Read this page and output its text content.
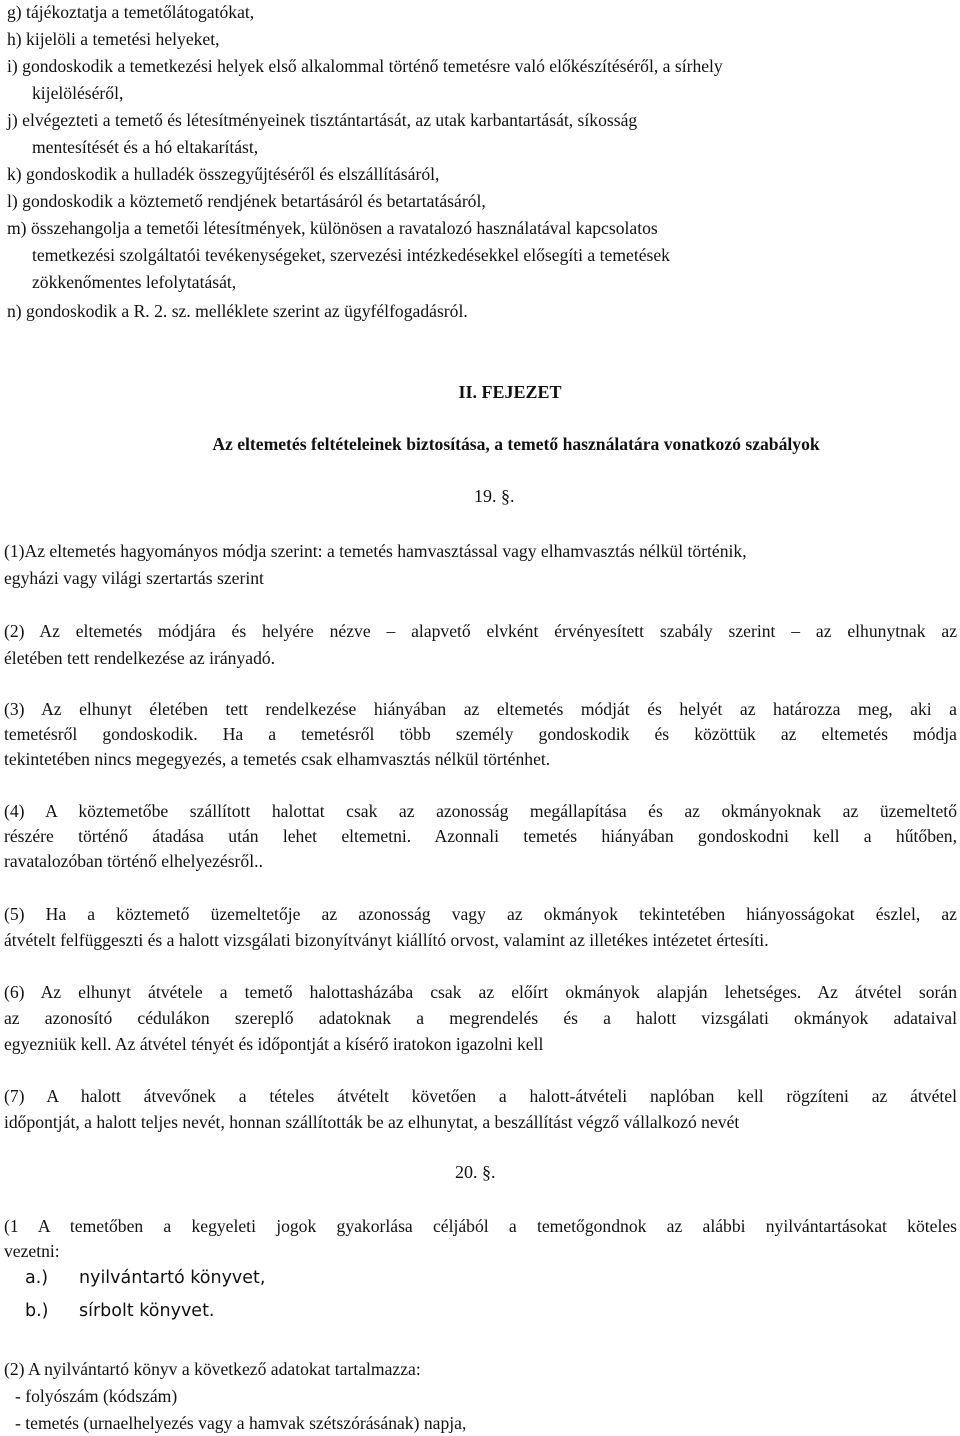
g) tájékoztatja a temetőlátogatókat,
h) kijelöli a temetési helyeket,
i) gondoskodik a temetkezési helyek első alkalommal történő temetésre való előkészítéséről, a sírhely
kijelöléséről,
j) elvégezteti a temető és létesítményeinek tisztántartását, az utak karbantartását, síkosság
mentesítését és a hó eltakarítást,
k) gondoskodik a hulladék összegyűjtéséről és elszállításáról,
l) gondoskodik a köztemető rendjének betartásáról és betartatásáról,
m) összehangolja a temetői létesítmények, különösen a ravatalozó használatával kapcsolatos
temetkezési szolgáltatói tevékenységeket, szervezési intézkedésekkel elősegíti a temetések
zökkenőmentes lefolytatását,
n) gondoskodik a R. 2. sz. melléklete szerint az ügyfélfogadásról.
II. FEJEZET
Az eltemetés feltételeinek biztosítása, a temető használatára vonatkozó szabályok
19. §.
(1)Az eltemetés hagyományos módja szerint: a temetés hamvasztással vagy elhamvasztás nélkül történik,
egyházi vagy világi szertartás szerint
(2) Az eltemetés módjára és helyére nézve – alapvető elvként érvényesített szabály szerint – az elhunytnak az
életében tett rendelkezése az irányadó.
(3) Az elhunyt életében tett rendelkezése hiányában az eltemetés módját és helyét az határozza meg, aki a
temetésről gondoskodik. Ha a temetésről több személy gondoskodik és közöttük az eltemetés módja
tekintetében nincs megegyezés, a temetés csak elhamvasztás nélkül történhet.
(4) A köztemetőbe szállított halottat csak az azonosság megállapítása és az okmányoknak az üzemeltető
részére történő átadása után lehet eltemetni. Azonnali temetés hiányában gondoskodni kell a hűtőben,
ravatalozóban történő elhelyezésről..
(5) Ha a köztemető üzemeltetője az azonosság vagy az okmányok tekintetében hiányosságokat észlel, az
átvételt felfüggeszti és a halott vizsgálati bizonyítványt kiállító orvost, valamint az illetékes intézetet értesíti.
(6) Az elhunyt átvétele a temető halottasházába csak az előírt okmányok alapján lehetséges. Az átvétel során
az azonosító cédulákon szereplő adatoknak a megrendelés és a halott vizsgálati okmányok adataival
egyezniük kell. Az átvétel tényét és időpontját a kísérő iratokon igazolni kell
(7) A halott átvevőnek a tételes átvételt követően a halott-átvételi naplóban kell rögzíteni az átvétel
időpontját, a halott teljes nevét, honnan szállították be az elhunytat, a beszállítást végző vállalkozó nevét
20. §.
(1 A temetőben a kegyeleti jogok gyakorlása céljából a temetőgondnok az alábbi nyilvántartásokat köteles
vezetni:
a.) nyilvántartó könyvet,
b.) sírbolt könyvet.
(2) A nyilvántartó könyv a következő adatokat tartalmazza:
- folyószám (kódszám)
- temetés (urnaelhelyezés vagy a hamvak szétszórásának) napja,
